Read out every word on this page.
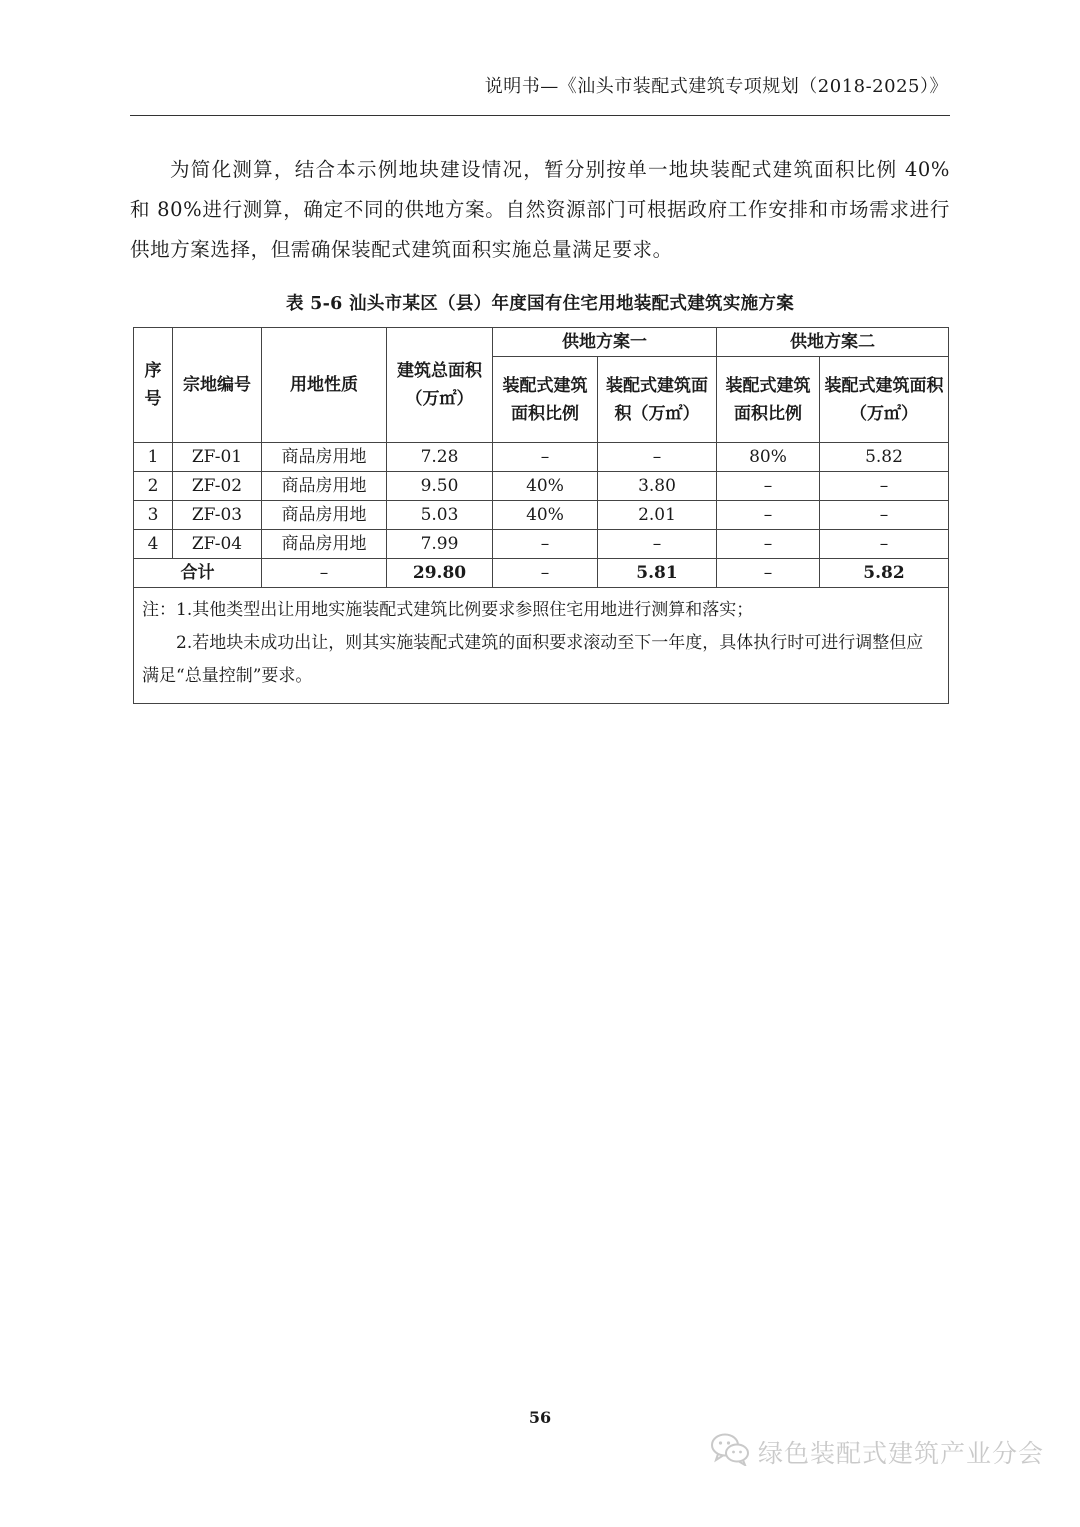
说明书—《汕头市装配式建筑专项规划（2018-2025）》

为简化测算，结合本示例地块建设情况，暂分别按单一地块装配式建筑面积比例 40% 和 80%进行测算，确定不同的供地方案。自然资源部门可根据政府工作安排和市场需求进行供地方案选择，但需确保装配式建筑面积实施总量满足要求。

表 5-6 汕头市某区（县）年度国有住宅用地装配式建筑实施方案
序号	宗地编号	用地性质	建筑总面积（万㎡）	供地方案一		供地方案二	
				装配式建筑面积比例	装配式建筑面积（万㎡）	装配式建筑面积比例	装配式建筑面积（万㎡）
1	ZF-01	商品房用地	7.28	–	–	80%	5.82
2	ZF-02	商品房用地	9.50	40%	3.80	–	–
3	ZF-03	商品房用地	5.03	40%	2.01	–	–
4	ZF-04	商品房用地	7.99	–	–	–	–
合计		–	29.80	–	5.81	–	5.82

注：1.其他类型出让用地实施装配式建筑比例要求参照住宅用地进行测算和落实；
2.若地块未成功出让，则其实施装配式建筑的面积要求滚动至下一年度，具体执行时可进行调整但应满足“总量控制”要求。							
56
绿色装配式建筑产业分会
